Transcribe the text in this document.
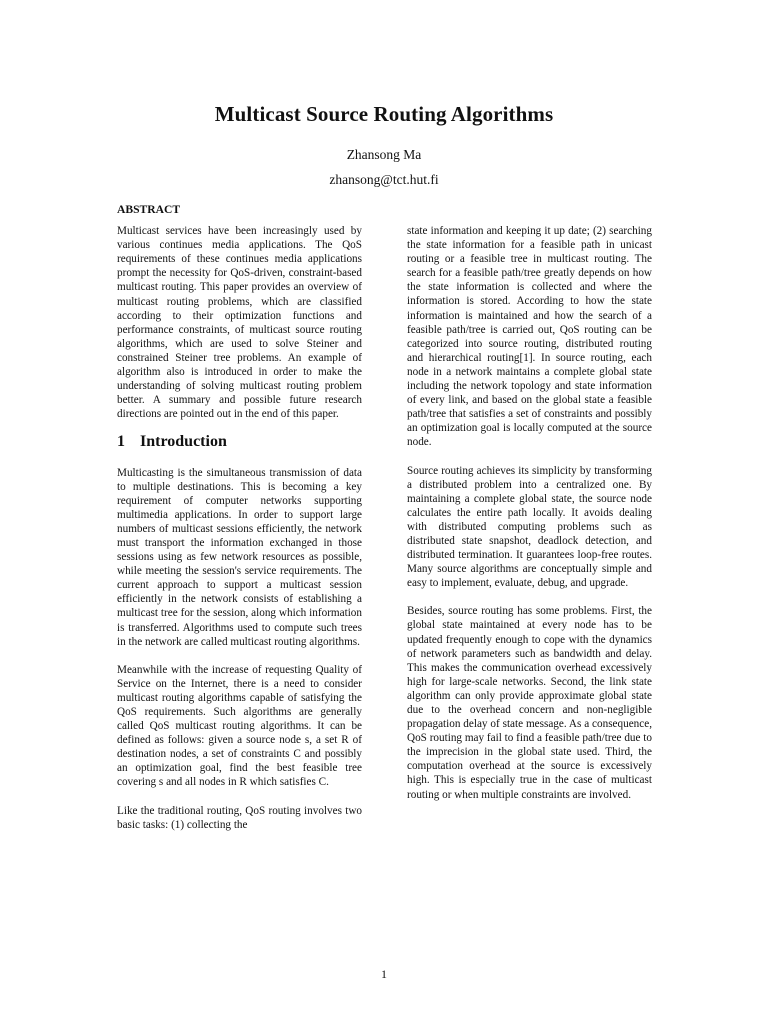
Multicast Source Routing Algorithms
Zhansong Ma
zhansong@tct.hut.fi
ABSTRACT

Multicast services have been increasingly used by various continues media applications. The QoS requirements of these continues media applications prompt the necessity for QoS-driven, constraint-based multicast routing. This paper provides an overview of multicast routing problems, which are classified according to their optimization functions and performance constraints, of multicast source routing algorithms, which are used to solve Steiner and constrained Steiner tree problems. An example of algorithm also is introduced in order to make the understanding of solving multicast routing problem better. A summary and possible future research directions are pointed out in the end of this paper.

1 Introduction

Multicasting is the simultaneous transmission of data to multiple destinations. This is becoming a key requirement of computer networks supporting multimedia applications. In order to support large numbers of multicast sessions efficiently, the network must transport the information exchanged in those sessions using as few network resources as possible, while meeting the session's service requirements. The current approach to support a multicast session efficiently in the network consists of establishing a multicast tree for the session, along which information is transferred. Algorithms used to compute such trees in the network are called multicast routing algorithms.

Meanwhile with the increase of requesting Quality of Service on the Internet, there is a need to consider multicast routing algorithms capable of satisfying the QoS requirements. Such algorithms are generally called QoS multicast routing algorithms. It can be defined as follows: given a source node s, a set R of destination nodes, a set of constraints C and possibly an optimization goal, find the best feasible tree covering s and all nodes in R which satisfies C.

Like the traditional routing, QoS routing involves two basic tasks: (1) collecting the

state information and keeping it up date; (2) searching the state information for a feasible path in unicast routing or a feasible tree in multicast routing. The search for a feasible path/tree greatly depends on how the state information is collected and where the information is stored. According to how the state information is maintained and how the search of a feasible path/tree is carried out, QoS routing can be categorized into source routing, distributed routing and hierarchical routing[1]. In source routing, each node in a network maintains a complete global state including the network topology and state information of every link, and based on the global state a feasible path/tree that satisfies a set of constraints and possibly an optimization goal is locally computed at the source node.

Source routing achieves its simplicity by transforming a distributed problem into a centralized one. By maintaining a complete global state, the source node calculates the entire path locally. It avoids dealing with distributed computing problems such as distributed state snapshot, deadlock detection, and distributed termination. It guarantees loop-free routes. Many source algorithms are conceptually simple and easy to implement, evaluate, debug, and upgrade.

Besides, source routing has some problems. First, the global state maintained at every node has to be updated frequently enough to cope with the dynamics of network parameters such as bandwidth and delay. This makes the communication overhead excessively high for large-scale networks. Second, the link state algorithm can only provide approximate global state due to the overhead concern and non-negligible propagation delay of state message. As a consequence, QoS routing may fail to find a feasible path/tree due to the imprecision in the global state used. Third, the computation overhead at the source is excessively high. This is especially true in the case of multicast routing or when multiple constraints are involved.

1
